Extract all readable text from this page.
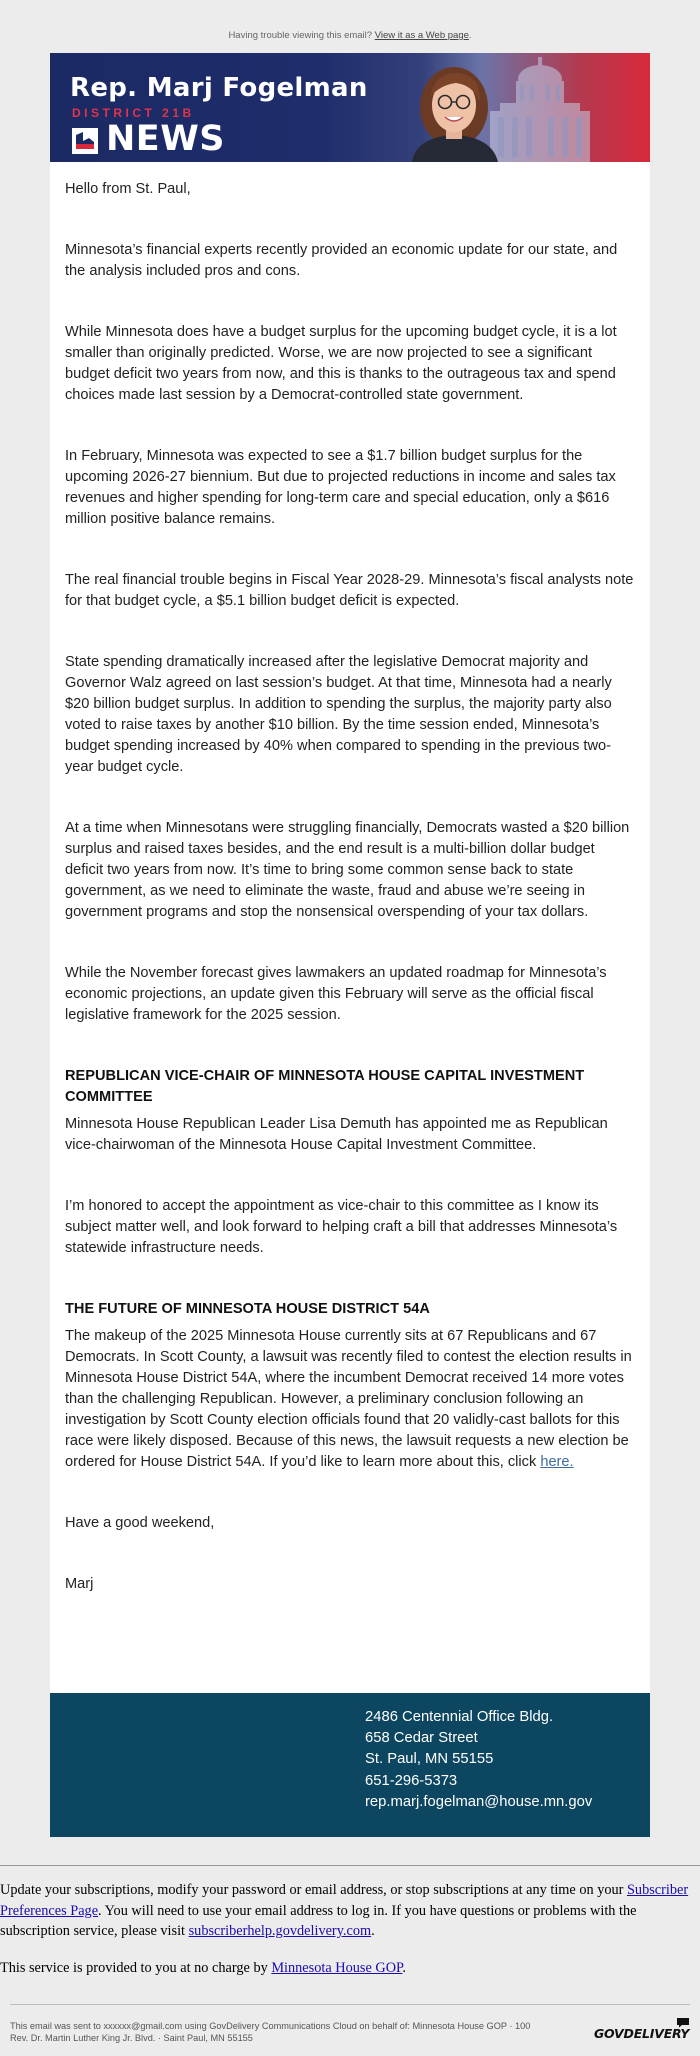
Having trouble viewing this email? View it as a Web page.
Rep. Marj Fogelman
DISTRICT 21B
NEWS

Hello from St. Paul,

Minnesota’s financial experts recently provided an economic update for our state, and the analysis included pros and cons.

While Minnesota does have a budget surplus for the upcoming budget cycle, it is a lot smaller than originally predicted. Worse, we are now projected to see a significant budget deficit two years from now, and this is thanks to the outrageous tax and spend choices made last session by a Democrat-controlled state government.

In February, Minnesota was expected to see a $1.7 billion budget surplus for the upcoming 2026-27 biennium. But due to projected reductions in income and sales tax revenues and higher spending for long-term care and special education, only a $616 million positive balance remains.

The real financial trouble begins in Fiscal Year 2028-29. Minnesota’s fiscal analysts note for that budget cycle, a $5.1 billion budget deficit is expected.

State spending dramatically increased after the legislative Democrat majority and Governor Walz agreed on last session’s budget. At that time, Minnesota had a nearly $20 billion budget surplus. In addition to spending the surplus, the majority party also voted to raise taxes by another $10 billion. By the time session ended, Minnesota’s budget spending increased by 40% when compared to spending in the previous two-year budget cycle.

At a time when Minnesotans were struggling financially, Democrats wasted a $20 billion surplus and raised taxes besides, and the end result is a multi-billion dollar budget deficit two years from now. It’s time to bring some common sense back to state government, as we need to eliminate the waste, fraud and abuse we’re seeing in government programs and stop the nonsensical overspending of your tax dollars.

While the November forecast gives lawmakers an updated roadmap for Minnesota’s economic projections, an update given this February will serve as the official fiscal legislative framework for the 2025 session.

REPUBLICAN VICE-CHAIR OF MINNESOTA HOUSE CAPITAL INVESTMENT COMMITTEE

Minnesota House Republican Leader Lisa Demuth has appointed me as Republican vice-chairwoman of the Minnesota House Capital Investment Committee.

I’m honored to accept the appointment as vice-chair to this committee as I know its subject matter well, and look forward to helping craft a bill that addresses Minnesota’s statewide infrastructure needs.

THE FUTURE OF MINNESOTA HOUSE DISTRICT 54A

The makeup of the 2025 Minnesota House currently sits at 67 Republicans and 67 Democrats. In Scott County, a lawsuit was recently filed to contest the election results in Minnesota House District 54A, where the incumbent Democrat received 14 more votes than the challenging Republican. However, a preliminary conclusion following an investigation by Scott County election officials found that 20 validly-cast ballots for this race were likely disposed. Because of this news, the lawsuit requests a new election be ordered for House District 54A. If you’d like to learn more about this, click here.

Have a good weekend,

Marj

2486 Centennial Office Bldg.
658 Cedar Street
St. Paul, MN 55155
651-296-5373
rep.marj.fogelman@house.mn.gov

Update your subscriptions, modify your password or email address, or stop subscriptions at any time on your Subscriber Preferences Page. You will need to use your email address to log in. If you have questions or problems with the subscription service, please visit subscriberhelp.govdelivery.com.

This service is provided to you at no charge by Minnesota House GOP.

This email was sent to xxxxxx@gmail.com using GovDelivery Communications Cloud on behalf of: Minnesota House GOP · 100
Rev. Dr. Martin Luther King Jr. Blvd. · Saint Paul, MN 55155	GOVDELIVERY
